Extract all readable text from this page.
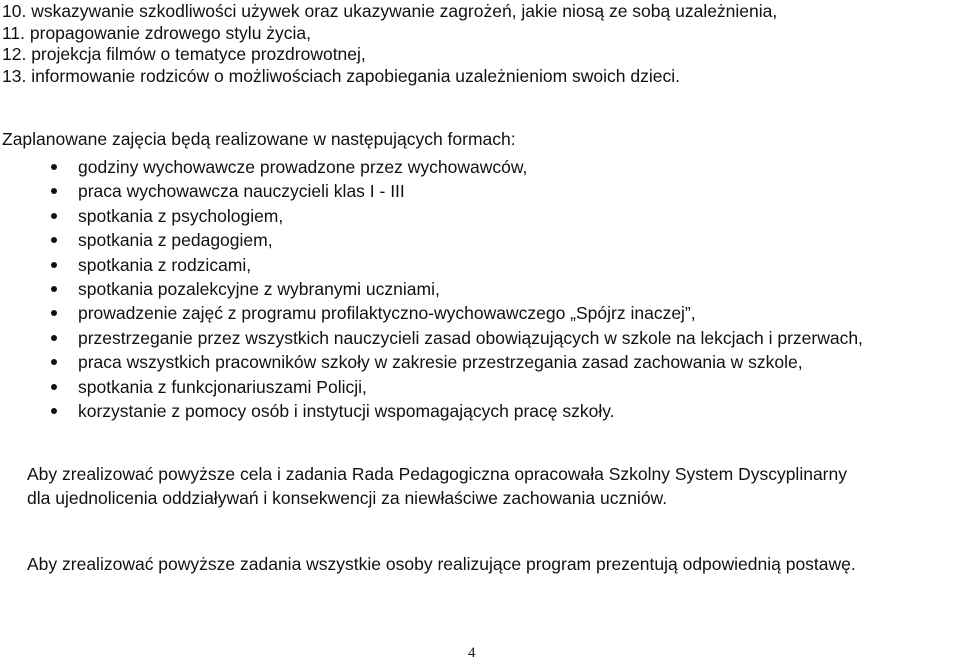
10. wskazywanie szkodliwości używek oraz ukazywanie zagrożeń, jakie niosą ze sobą uzależnienia,
11. propagowanie zdrowego stylu życia,
12. projekcja filmów o tematyce prozdrowotnej,
13. informowanie rodziców o możliwościach zapobiegania uzależnieniom swoich dzieci.
Zaplanowane zajęcia będą realizowane w następujących formach:
godziny wychowawcze prowadzone przez wychowawców,
praca wychowawcza nauczycieli klas I - III
spotkania z psychologiem,
spotkania z pedagogiem,
spotkania z rodzicami,
spotkania pozalekcyjne z wybranymi uczniami,
prowadzenie zajęć z programu profilaktyczno-wychowawczego „Spójrz inaczej”,
przestrzeganie przez wszystkich nauczycieli zasad obowiązujących w szkole na lekcjach i przerwach,
praca wszystkich pracowników szkoły w zakresie przestrzegania zasad zachowania w szkole,
spotkania z funkcjonariuszami Policji,
korzystanie z pomocy osób i instytucji wspomagających pracę szkoły.
Aby zrealizować powyższe cela i zadania Rada Pedagogiczna opracowała Szkolny System Dyscyplinarny
dla ujednolicenia oddziaływań i konsekwencji za niewłaściwe zachowania uczniów.
Aby zrealizować powyższe zadania wszystkie osoby realizujące program prezentują odpowiednią postawę.
4
